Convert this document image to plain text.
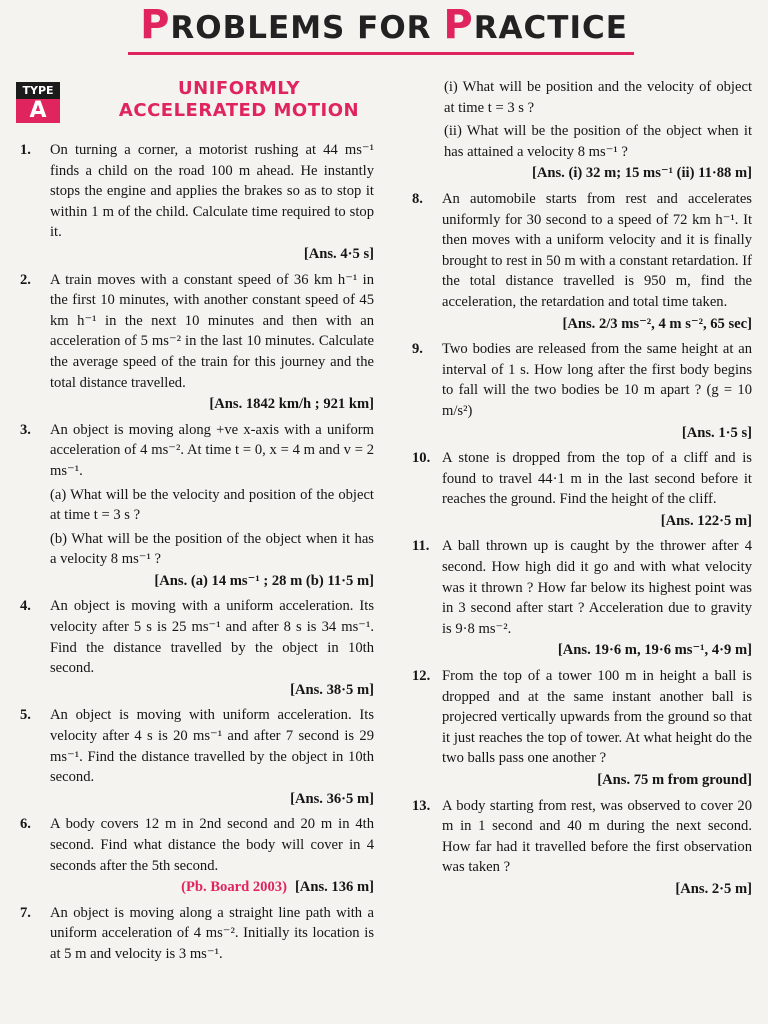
PROBLEMS FOR PRACTICE
TYPE
A
UNIFORMLY
ACCELERATED MOTION
1. On turning a corner, a motorist rushing at 44 ms⁻¹ finds a child on the road 100 m ahead. He instantly stops the engine and applies the brakes so as to stop it within 1 m of the child. Calculate time required to stop it.
[Ans. 4·5 s]
2. A train moves with a constant speed of 36 km h⁻¹ in the first 10 minutes, with another constant speed of 45 km h⁻¹ in the next 10 minutes and then with an acceleration of 5 ms⁻² in the last 10 minutes. Calculate the average speed of the train for this journey and the total distance travelled.
[Ans. 1842 km/h ; 921 km]
3. An object is moving along +ve x-axis with a uniform acceleration of 4 ms⁻². At time t = 0, x = 4 m and v = 2 ms⁻¹.
(a) What will be the velocity and position of the object at time t = 3 s ?
(b) What will be the position of the object when it has a velocity 8 ms⁻¹ ?
[Ans. (a) 14 ms⁻¹ ; 28 m (b) 11·5 m]
4. An object is moving with a uniform acceleration. Its velocity after 5 s is 25 ms⁻¹ and after 8 s is 34 ms⁻¹. Find the distance travelled by the object in 10th second.
[Ans. 38·5 m]
5. An object is moving with uniform acceleration. Its velocity after 4 s is 20 ms⁻¹ and after 7 second is 29 ms⁻¹. Find the distance travelled by the object in 10th second.
[Ans. 36·5 m]
6. A body covers 12 m in 2nd second and 20 m in 4th second. Find what distance the body will cover in 4 seconds after the 5th second.
(Pb. Board 2003) [Ans. 136 m]
7. An object is moving along a straight line path with a uniform acceleration of 4 ms⁻². Initially its location is at 5 m and velocity is 3 ms⁻¹.
(i) What will be position and the velocity of object at time t = 3 s ?
(ii) What will be the position of the object when it has attained a velocity 8 ms⁻¹ ?
[Ans. (i) 32 m; 15 ms⁻¹ (ii) 11·88 m]
8. An automobile starts from rest and accelerates uniformly for 30 second to a speed of 72 km h⁻¹. It then moves with a uniform velocity and it is finally brought to rest in 50 m with a constant retardation. If the total distance travelled is 950 m, find the acceleration, the retardation and total time taken.
[Ans. 2/3 ms⁻², 4 m s⁻², 65 sec]
9. Two bodies are released from the same height at an interval of 1 s. How long after the first body begins to fall will the two bodies be 10 m apart ? (g = 10 m/s²)
[Ans. 1·5 s]
10. A stone is dropped from the top of a cliff and is found to travel 44·1 m in the last second before it reaches the ground. Find the height of the cliff.
[Ans. 122·5 m]
11. A ball thrown up is caught by the thrower after 4 second. How high did it go and with what velocity was it thrown ? How far below its highest point was in 3 second after start ? Acceleration due to gravity is 9·8 ms⁻².
[Ans. 19·6 m, 19·6 ms⁻¹, 4·9 m]
12. From the top of a tower 100 m in height a ball is dropped and at the same instant another ball is projecred vertically upwards from the ground so that it just reaches the top of tower. At what height do the two balls pass one another ?
[Ans. 75 m from ground]
13. A body starting from rest, was observed to cover 20 m in 1 second and 40 m during the next second. How far had it travelled before the first observation was taken ?
[Ans. 2·5 m]
